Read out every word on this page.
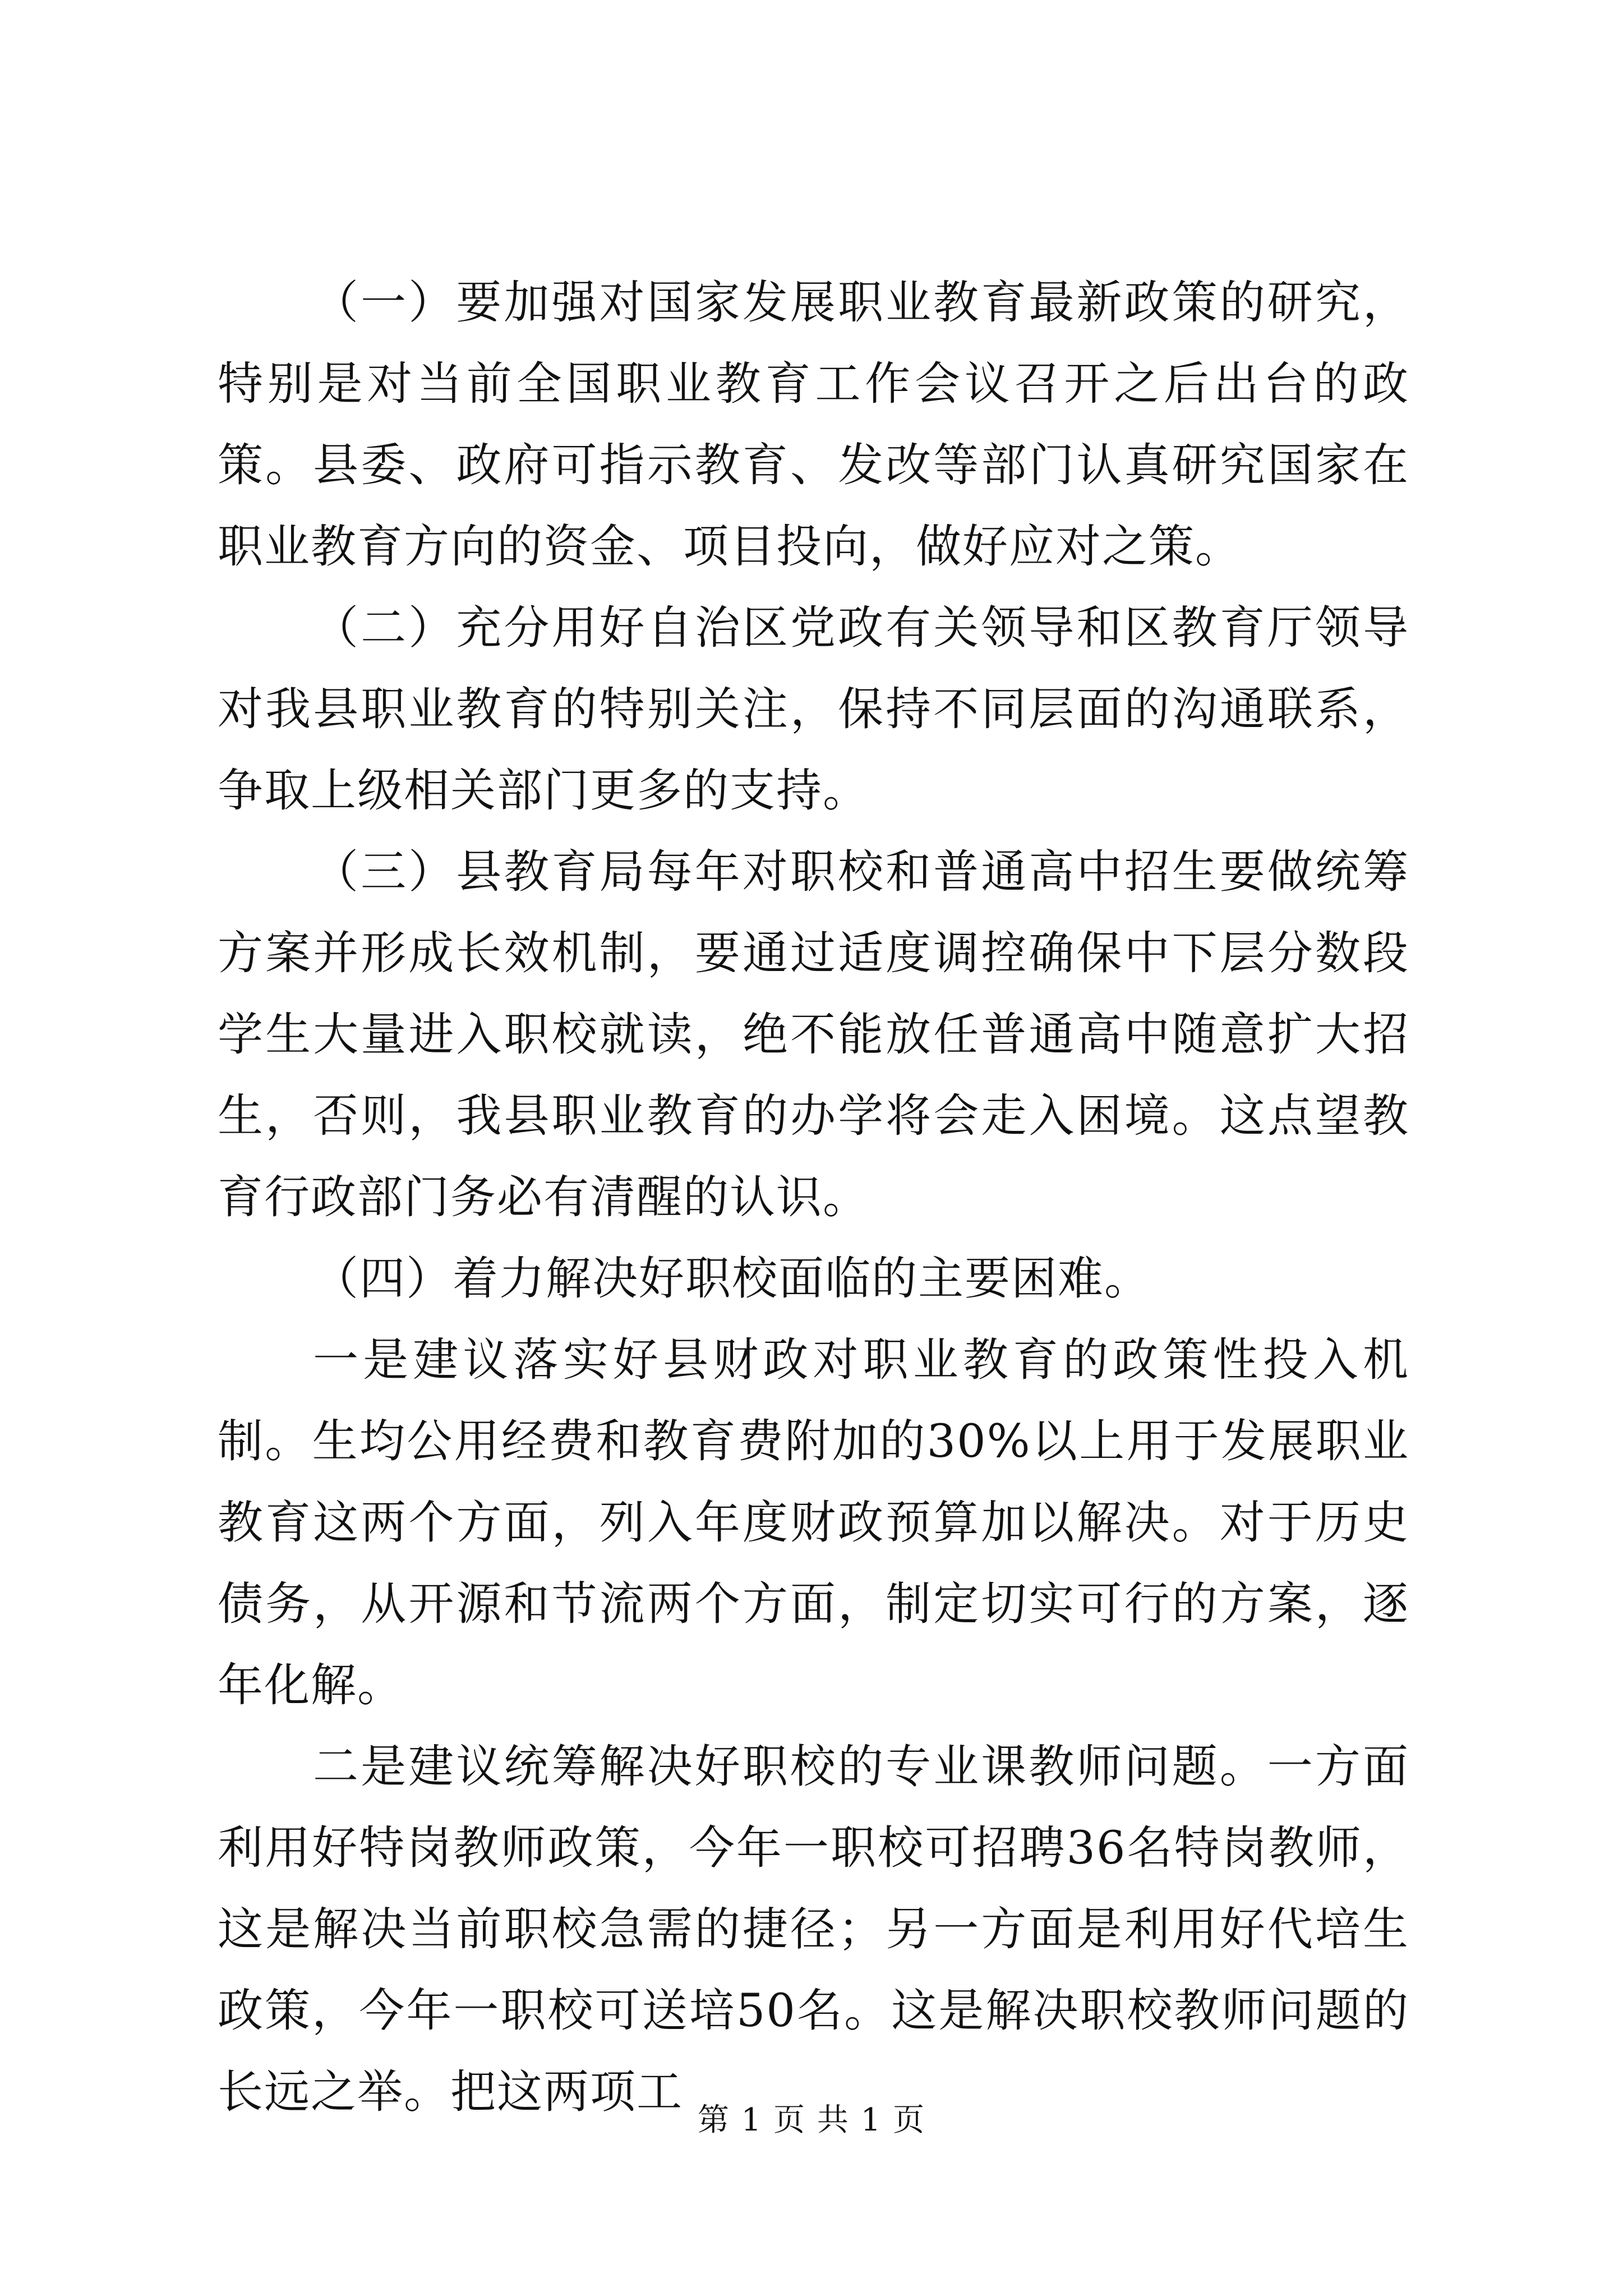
（一）要加强对国家发展职业教育最新政策的研究，特别是对当前全国职业教育工作会议召开之后出台的政策。县委、政府可指示教育、发改等部门认真研究国家在职业教育方向的资金、项目投向，做好应对之策。

（二）充分用好自治区党政有关领导和区教育厅领导对我县职业教育的特别关注，保持不同层面的沟通联系，争取上级相关部门更多的支持。

（三）县教育局每年对职校和普通高中招生要做统筹方案并形成长效机制，要通过适度调控确保中下层分数段学生大量进入职校就读，绝不能放任普通高中随意扩大招生，否则，我县职业教育的办学将会走入困境。这点望教育行政部门务必有清醒的认识。

（四）着力解决好职校面临的主要困难。

一是建议落实好县财政对职业教育的政策性投入机制。生均公用经费和教育费附加的30%以上用于发展职业教育这两个方面，列入年度财政预算加以解决。对于历史债务，从开源和节流两个方面，制定切实可行的方案，逐年化解。

二是建议统筹解决好职校的专业课教师问题。一方面利用好特岗教师政策，今年一职校可招聘36名特岗教师，这是解决当前职校急需的捷径；另一方面是利用好代培生政策，今年一职校可送培50名。这是解决职校教师问题的长远之举。把这两项工

第 1 页 共 1 页
